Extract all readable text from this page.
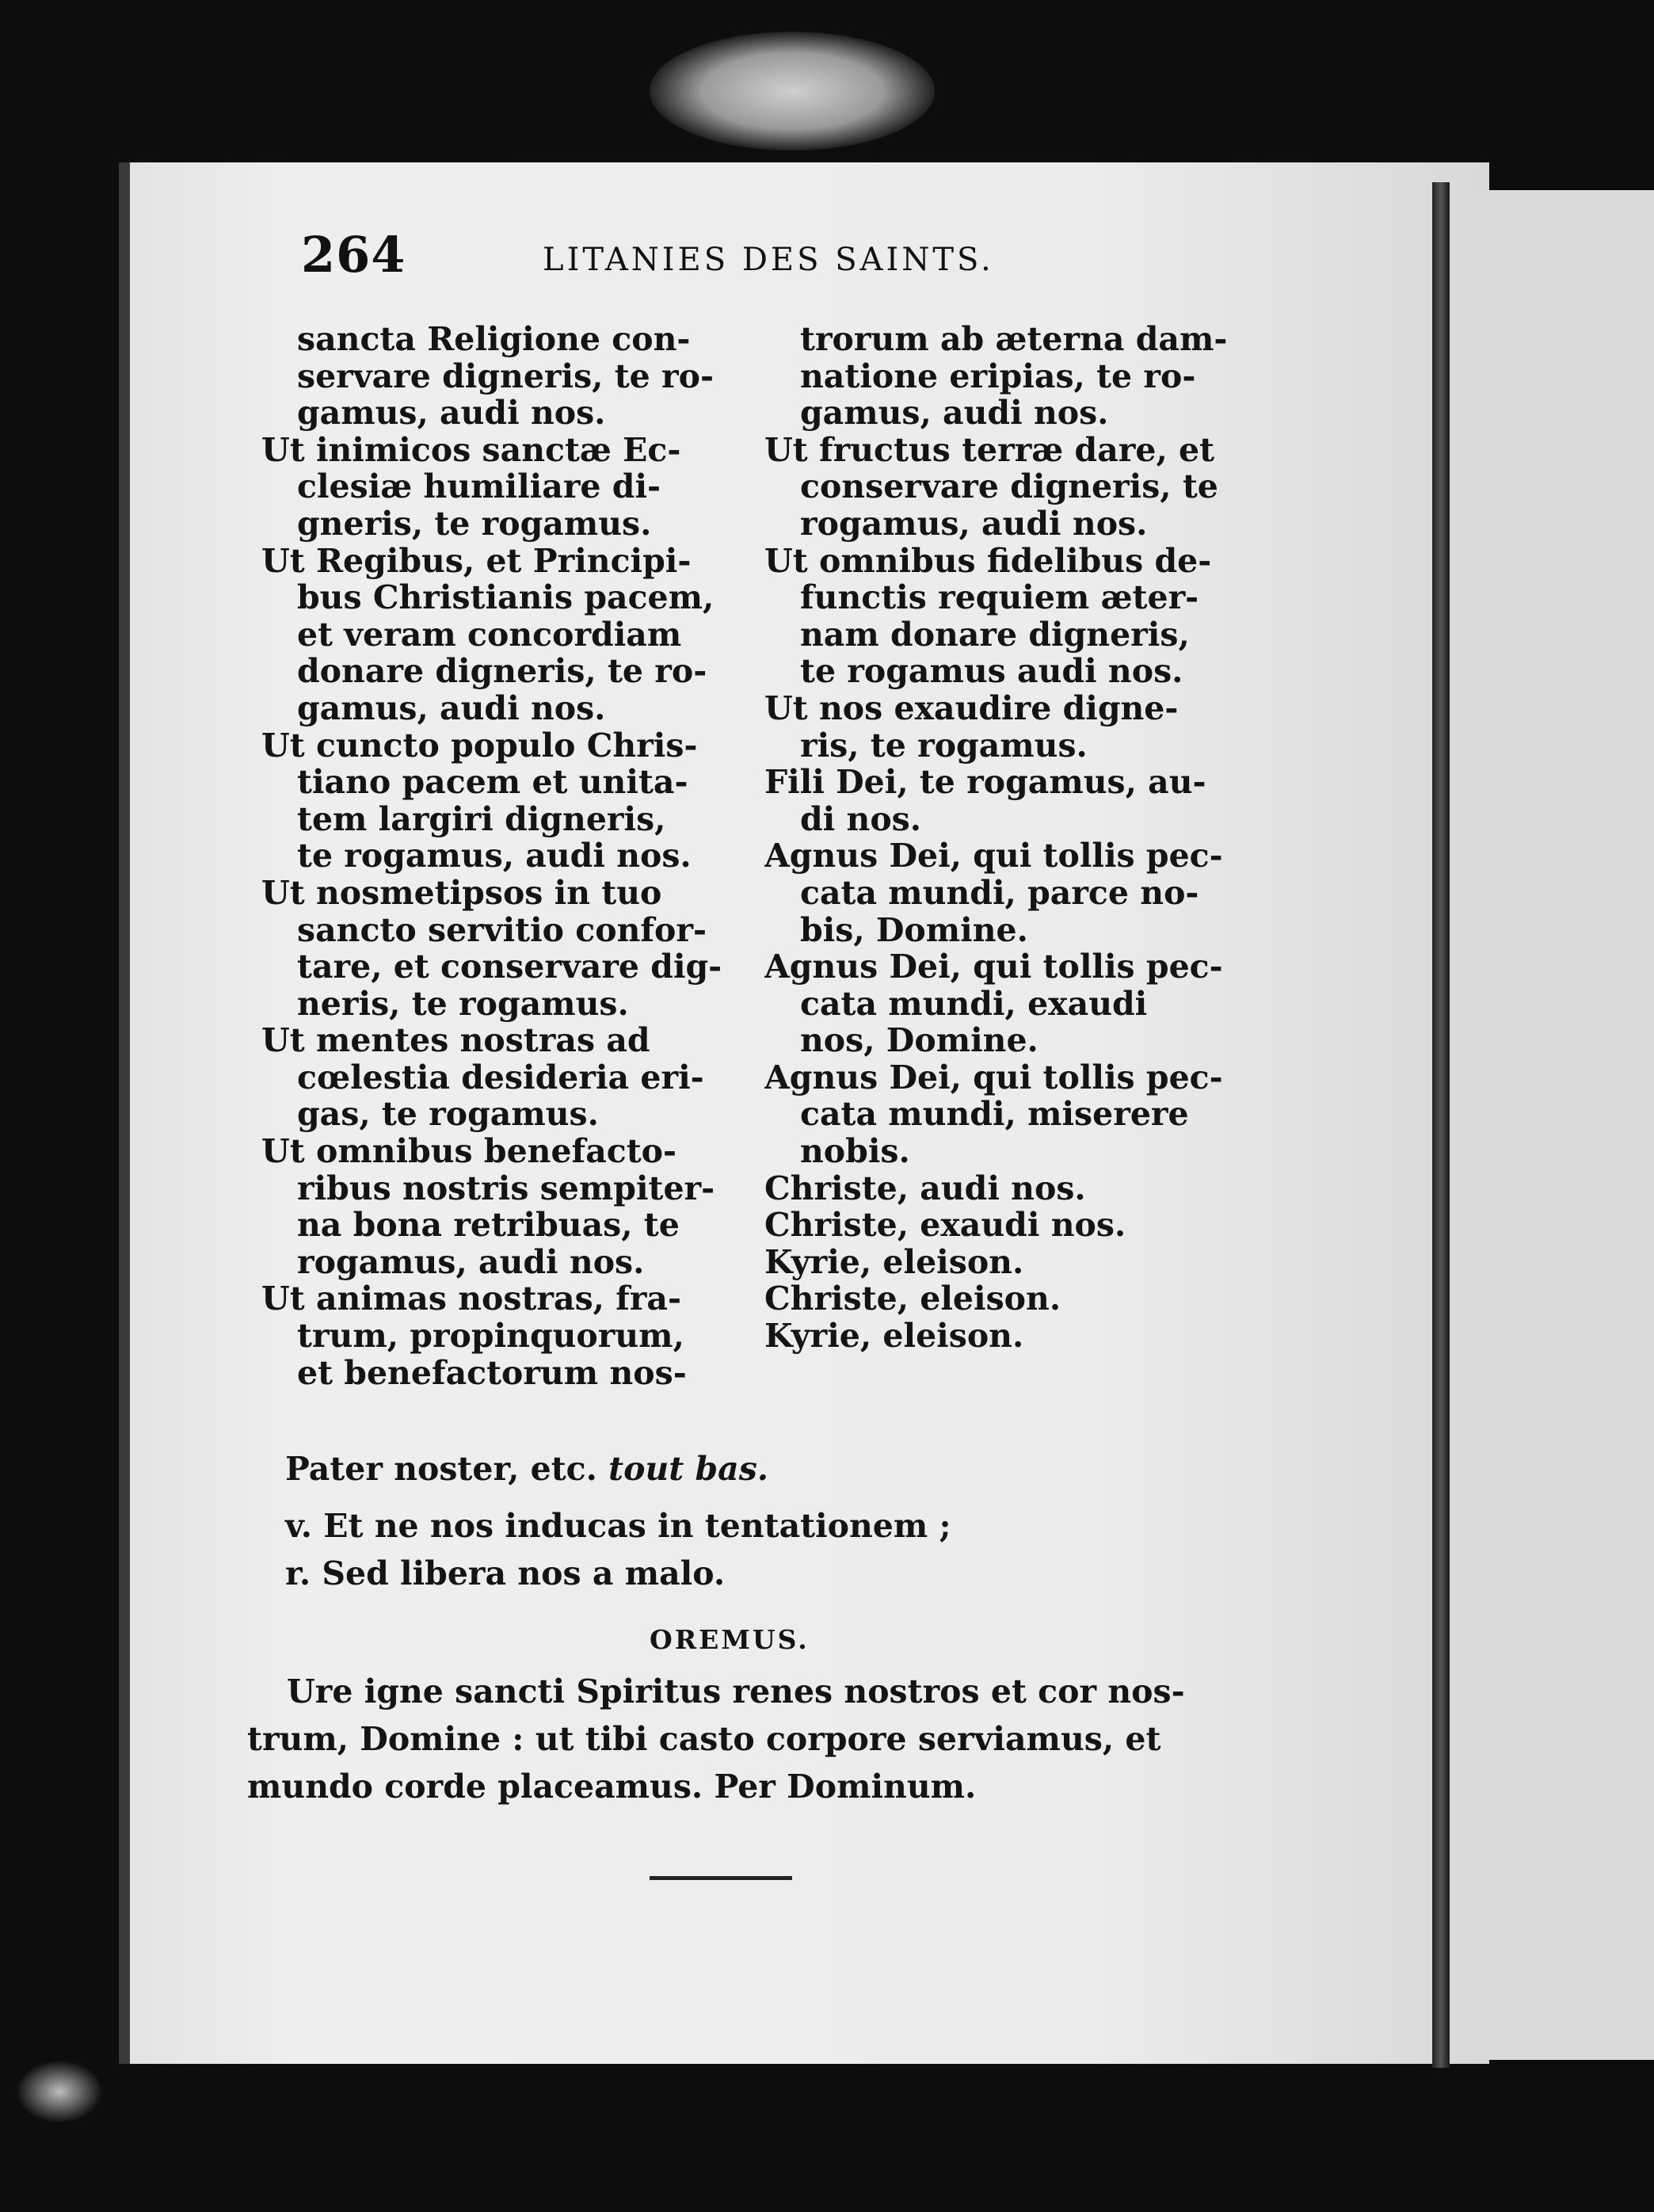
264	LITANIES DES SAINTS.
sancta Religione con-
servare digneris, te ro-
gamus, audi nos.
Ut inimicos sanctæ Ec-
clesiæ humiliare di-
gneris, te rogamus.
Ut Regibus, et Principi-
bus Christianis pacem,
et veram concordiam
donare digneris, te ro-
gamus, audi nos.
Ut cuncto populo Chris-
tiano pacem et unita-
tem largiri digneris,
te rogamus, audi nos.
Ut nosmetipsos in tuo
sancto servitio confor-
tare, et conservare dig-
neris, te rogamus.
Ut mentes nostras ad
cœlestia desideria eri-
gas, te rogamus.
Ut omnibus benefacto-
ribus nostris sempiter-
na bona retribuas, te
rogamus, audi nos.
Ut animas nostras, fra-
trum, propinquorum,
et benefactorum nos-
trorum ab æterna dam-
natione eripias, te ro-
gamus, audi nos.
Ut fructus terræ dare, et
conservare digneris, te
rogamus, audi nos.
Ut omnibus fidelibus de-
functis requiem æter-
nam donare digneris,
te rogamus audi nos.
Ut nos exaudire digne-
ris, te rogamus.
Fili Dei, te rogamus, au-
di nos.
Agnus Dei, qui tollis pec-
cata mundi, parce no-
bis, Domine.
Agnus Dei, qui tollis pec-
cata mundi, exaudi
nos, Domine.
Agnus Dei, qui tollis pec-
cata mundi, miserere
nobis.
Christe, audi nos.
Christe, exaudi nos.
Kyrie, eleison.
Christe, eleison.
Kyrie, eleison.
Pater noster, etc. tout bas.
v. Et ne nos inducas in tentationem ;
r. Sed libera nos a malo.
OREMUS.
Ure igne sancti Spiritus renes nostros et cor nos-
trum, Domine : ut tibi casto corpore serviamus, et
mundo corde placeamus. Per Dominum.
